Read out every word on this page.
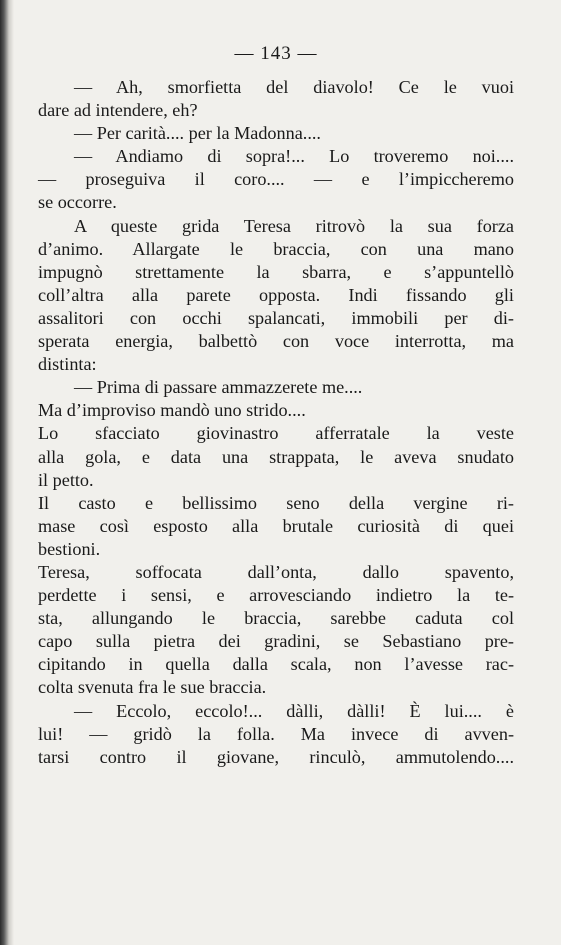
— 143 —
— Ah, smorfietta del diavolo! Ce le vuoi
dare ad intendere, eh?
— Per carità.... per la Madonna....
— Andiamo di sopra!... Lo troveremo noi....
— proseguiva il coro.... — e l’impiccheremo
se occorre.
A queste grida Teresa ritrovò la sua forza
d’animo. Allargate le braccia, con una mano
impugnò strettamente la sbarra, e s’appuntellò
coll’altra alla parete opposta. Indi fissando gli
assalitori con occhi spalancati, immobili per di-
sperata energia, balbettò con voce interrotta, ma
distinta:
— Prima di passare ammazzerete me....
Ma d’improviso mandò uno strido....
Lo sfacciato giovinastro afferratale la veste
alla gola, e data una strappata, le aveva snudato
il petto.
Il casto e bellissimo seno della vergine ri-
mase così esposto alla brutale curiosità di quei
bestioni.
Teresa, soffocata dall’onta, dallo spavento,
perdette i sensi, e arrovesciando indietro la te-
sta, allungando le braccia, sarebbe caduta col
capo sulla pietra dei gradini, se Sebastiano pre-
cipitando in quella dalla scala, non l’avesse rac-
colta svenuta fra le sue braccia.
— Eccolo, eccolo!... dàlli, dàlli! È lui.... è
lui! — gridò la folla. Ma invece di avven-
tarsi contro il giovane, rinculò, ammutolendo....
